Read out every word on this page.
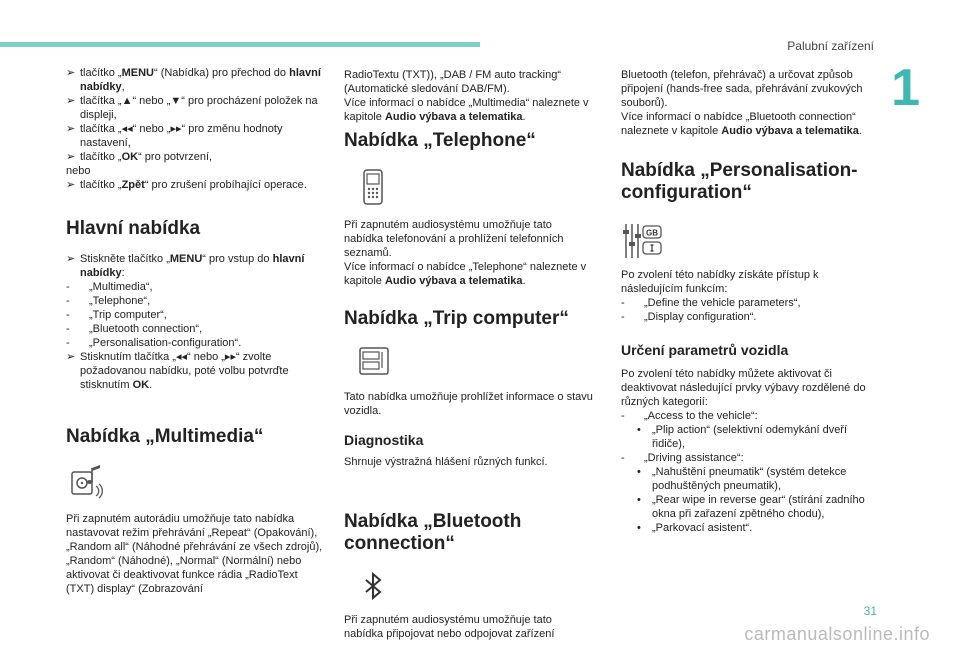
Palubní zařízení
1
➢ tlačítko „MENU“ (Nabídka) pro přechod do hlavní nabídky,
➢ tlačítka „▲“ nebo „▼“ pro procházení položek na displeji,
➢ tlačítka „◂◂“ nebo „▸▸“ pro změnu hodnoty nastavení,
➢ tlačítko „OK“ pro potvrzení,

nebo

➢ tlačítko „Zpět“ pro zrušení probíhající operace.
Hlavní nabídka
➢ Stiskněte tlačítko „MENU“ pro vstup do hlavní nabídky:
- „Multimedia“,
- „Telephone“,
- „Trip computer“,
- „Bluetooth connection“,
- „Personalisation-configuration“.
➢ Stisknutím tlačítka „◂◂“ nebo „▸▸“ zvolte požadovanou nabídku, poté volbu potvrďte stisknutím OK.
Nabídka „Multimedia“

Při zapnutém autorádiu umožňuje tato nabídka nastavovat režim přehrávání „Repeat“ (Opakování), „Random all“ (Náhodné přehrávání ze všech zdrojů), „Random“ (Náhodné), „Normal“ (Normální) nebo aktivovat či deaktivovat funkce rádia „RadioText (TXT) display“ (Zobrazování

RadioTextu (TXT)), „DAB / FM auto tracking“ (Automatické sledování DAB/FM).

Více informací o nabídce „Multimedia“ naleznete v kapitole Audio výbava a telematika.

Nabídka „Telephone“

Při zapnutém audiosystému umožňuje tato nabídka telefonování a prohlížení telefonních seznamů.

Více informací o nabídce „Telephone“ naleznete v kapitole Audio výbava a telematika.

Nabídka „Trip computer“

Tato nabídka umožňuje prohlížet informace o stavu vozidla.

Diagnostika

Shrnuje výstražná hlášení různých funkcí.

Nabídka „Bluetooth connection“

Při zapnutém audiosystému umožňuje tato nabídka připojovat nebo odpojovat zařízení

Bluetooth (telefon, přehrávač) a určovat způsob připojení (hands-free sada, přehrávání zvukových souborů).

Více informací o nabídce „Bluetooth connection“ naleznete v kapitole Audio výbava a telematika.

Nabídka „Personalisation-configuration“
GB

Po zvolení této nabídky získáte přístup k následujícím funkcím:

- „Define the vehicle parameters“,
- „Display configuration“.
Určení parametrů vozidla

Po zvolení této nabídky můžete aktivovat či deaktivovat následující prvky výbavy rozdělené do různých kategorií:

- „Access to the vehicle“:
• „Plip action“ (selektivní odemykání dveří řidiče),
- „Driving assistance“:
• „Nahuštění pneumatik“ (systém detekce podhuštěných pneumatik),
• „Rear wipe in reverse gear“ (stírání zadního okna při zařazení zpětného chodu),
• „Parkovací asistent“.
31
carmanualsonline.info
